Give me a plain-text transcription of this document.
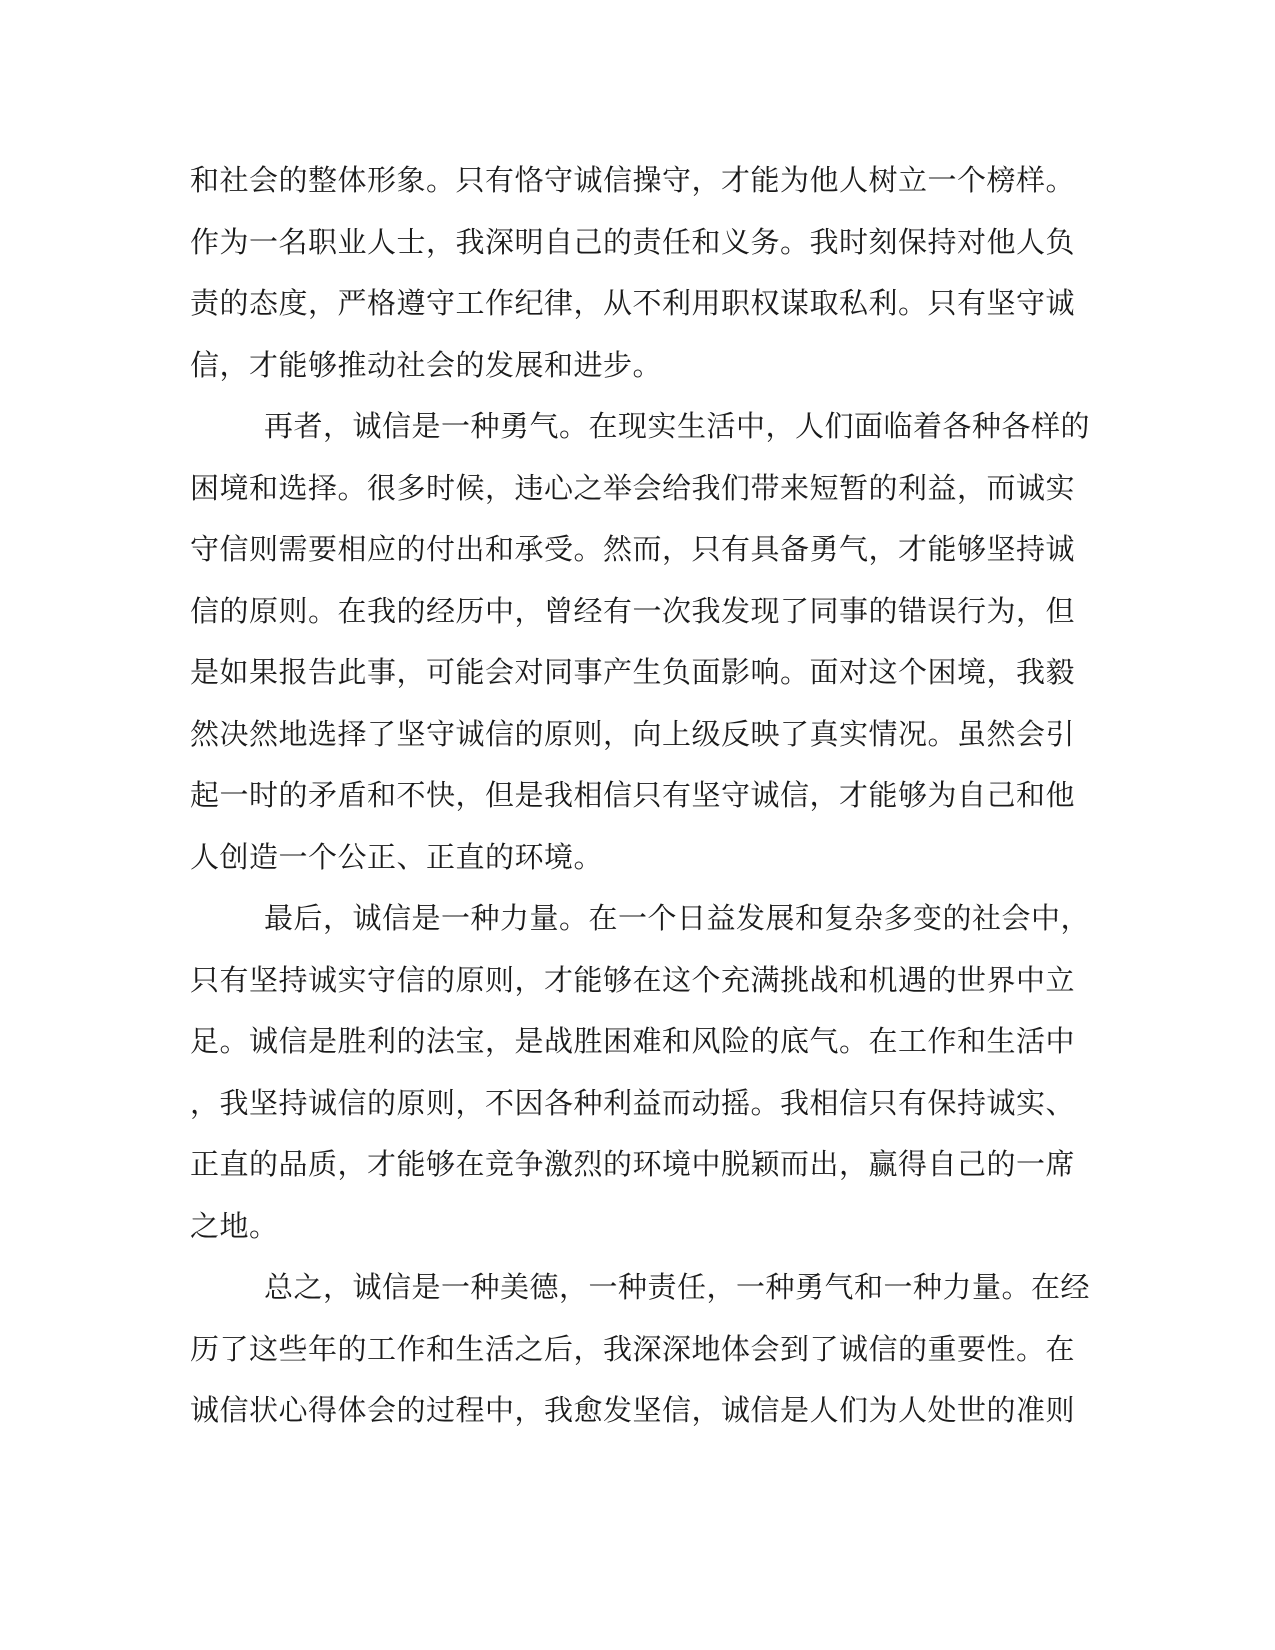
和社会的整体形象。只有恪守诚信操守，才能为他人树立一个榜样。
作为一名职业人士，我深明自己的责任和义务。我时刻保持对他人负
责的态度，严格遵守工作纪律，从不利用职权谋取私利。只有坚守诚
信，才能够推动社会的发展和进步。
再者，诚信是一种勇气。在现实生活中，人们面临着各种各样的
困境和选择。很多时候，违心之举会给我们带来短暂的利益，而诚实
守信则需要相应的付出和承受。然而，只有具备勇气，才能够坚持诚
信的原则。在我的经历中，曾经有一次我发现了同事的错误行为，但
是如果报告此事，可能会对同事产生负面影响。面对这个困境，我毅
然决然地选择了坚守诚信的原则，向上级反映了真实情况。虽然会引
起一时的矛盾和不快，但是我相信只有坚守诚信，才能够为自己和他
人创造一个公正、正直的环境。
最后，诚信是一种力量。在一个日益发展和复杂多变的社会中，
只有坚持诚实守信的原则，才能够在这个充满挑战和机遇的世界中立
足。诚信是胜利的法宝，是战胜困难和风险的底气。在工作和生活中
，我坚持诚信的原则，不因各种利益而动摇。我相信只有保持诚实、
正直的品质，才能够在竞争激烈的环境中脱颖而出，赢得自己的一席
之地。
总之，诚信是一种美德，一种责任，一种勇气和一种力量。在经
历了这些年的工作和生活之后，我深深地体会到了诚信的重要性。在
诚信状心得体会的过程中，我愈发坚信，诚信是人们为人处世的准则
